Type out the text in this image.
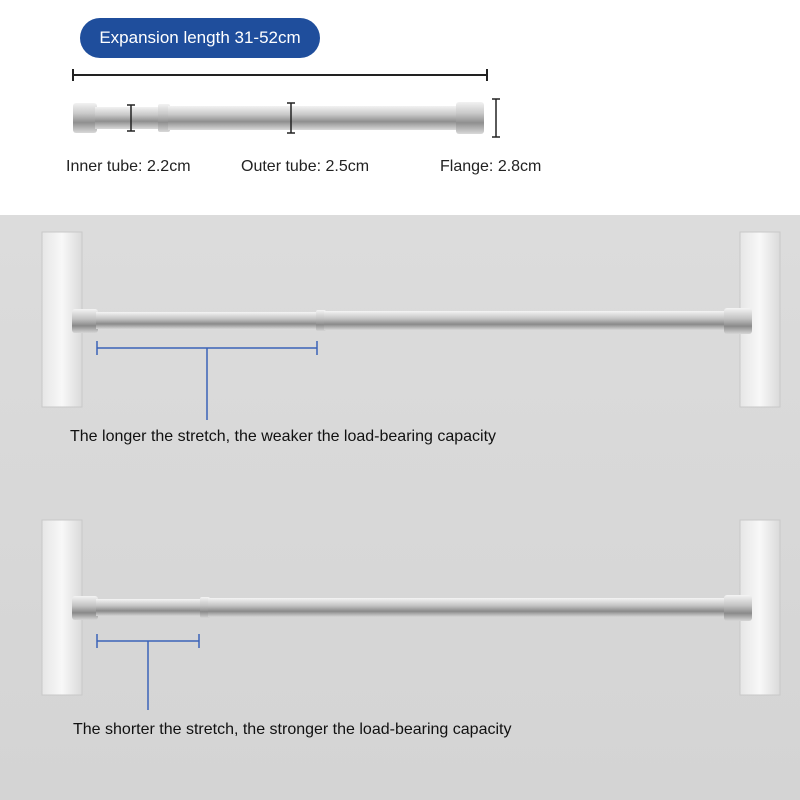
Expansion length 31-52cm
Inner tube: 2.2cm	Outer tube: 2.5cm	Flange: 2.8cm
The longer the stretch, the weaker the load-bearing capacity
The shorter the stretch, the stronger the load-bearing capacity
